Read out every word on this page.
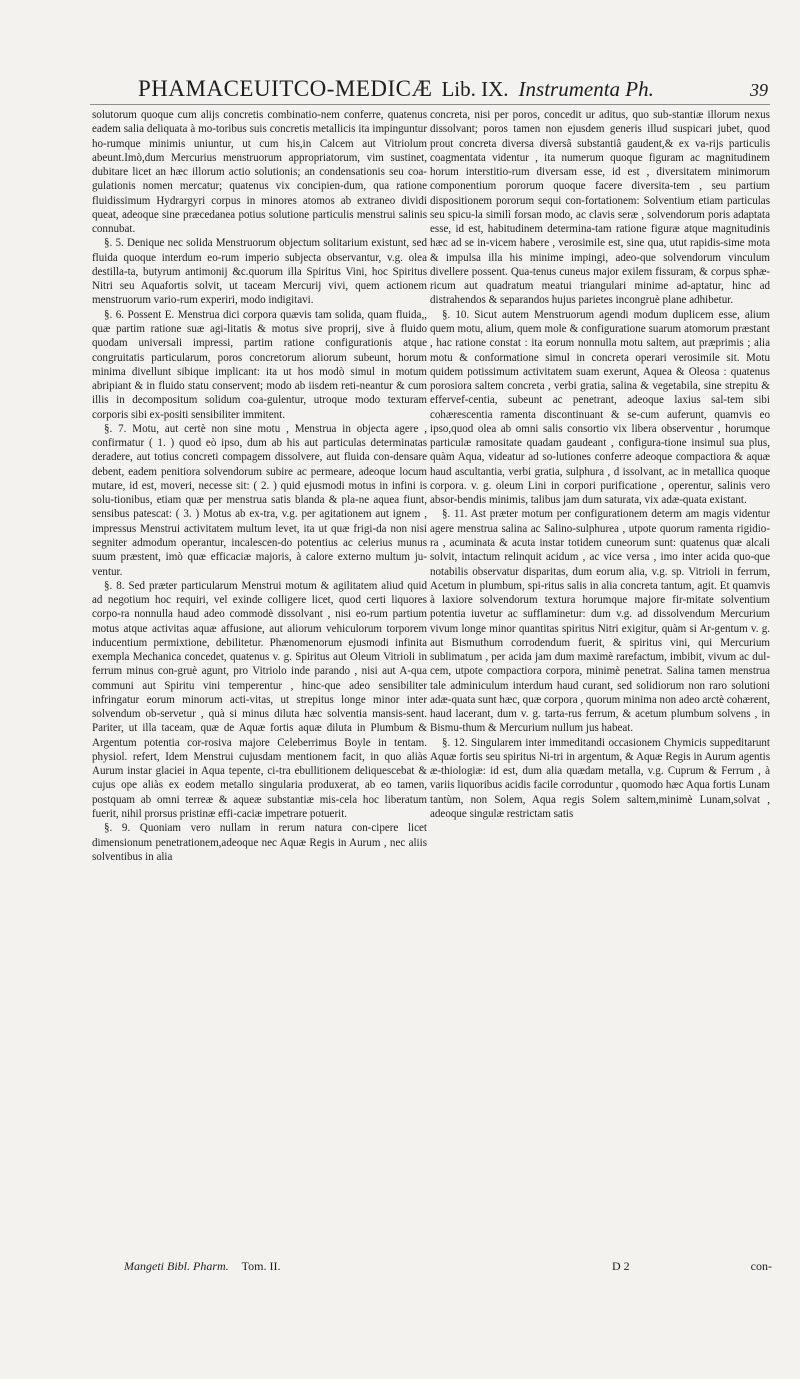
PHAMACEUITCO-MEDICÆ Lib. IX. Instrumenta Ph.	39

solutorum quoque cum alijs concretis combinatio-nem conferre, quatenus eadem salia deliquata à mo-toribus suis concretis metallicis ita impinguntur ho-rumque minimis uniuntur, ut cum his,in Calcem aut Vitriolum abeunt.Imò,dum Mercurius menstruorum appropriatorum, vim sustinet, dubitare licet an hæc illorum actio solutionis; an condensationis seu coa-gulationis nomen mercatur; quatenus vix concipien-dum, qua ratione fluidissimum Hydrargyri corpus in minores atomos ab extraneo dividi queat, adeoque sine præcedanea potius solutione particulis menstrui salinis connubat.

§. 5. Denique nec solida Menstruorum objectum solitarium existunt, sed fluida quoque interdum eo-rum imperio subjecta observantur, v.g. olea destilla-ta, butyrum antimonij &c.quorum illa Spiritus Vini, hoc Spiritus Nitri seu Aquafortis solvit, ut taceam Mercurij vivi, quem actionem menstruorum vario-rum experiri, modo indigitavi.

§. 6. Possent E. Menstrua dici corpora quævis tam solida, quam fluida,, quæ partim ratione suæ agi-litatis & motus sive proprij, sive à fluido quodam universali impressi, partim ratione configurationis atque congruitatis particularum, poros concretorum aliorum subeunt, horum minima divellunt sibique implicant: ita ut hos modò simul in motum abripiant & in fluido statu conservent; modo ab iisdem reti-neantur & cum illis in decompositum solidum coa-gulentur, utroque modo texturam corporis sibi ex-positi sensibiliter immitent.

§. 7. Motu, aut certè non sine motu , Menstrua in objecta agere , confirmatur ( 1. ) quod eò ipso, dum ab his aut particulas determinatas deradere, aut totius concreti compagem dissolvere, aut fluida con-densare debent, eadem penitiora solvendorum subire ac permeare, adeoque locum mutare, id est, moveri, necesse sit: ( 2. ) quid ejusmodi motus in infini is solu-tionibus, etiam quæ per menstrua satis blanda & pla-ne aquea fiunt, sensibus patescat: ( 3. ) Motus ab ex-tra, v.g. per agitationem aut ignem , impressus Menstrui activitatem multum levet, ita ut quæ frigi-da non nisi segniter admodum operantur, incalescen-do potentius ac celerius munus suum præstent, imò quæ efficaciæ majoris, à calore externo multum ju-ventur.

§. 8. Sed præter particularum Menstrui motum & agilitatem aliud quid ad negotium hoc requiri, vel exinde colligere licet, quod certi liquores corpo-ra nonnulla haud adeo commodè dissolvant , nisi eo-rum partium motus atque activitas aquæ affusione, aut aliorum vehiculorum torporem inducentium permixtione, debilitetur. Phænomenorum ejusmodi infinita exempla Mechanica concedet, quatenus v. g. Spiritus aut Oleum Vitrioli in ferrum minus con-gruè agunt, pro Vitriolo inde parando , nisi aut A-qua communi aut Spiritu vini temperentur , hinc-que adeo sensibiliter infringatur eorum minorum acti-vitas, ut strepitus longe minor inter solvendum ob-servetur , quà si minus diluta hæc solventia mansis-sent. Pariter, ut illa taceam, quæ de Aquæ fortis aquæ diluta in Plumbum & Argentum potentia cor-rosiva majore Celeberrimus Boyle in tentam. physiol. refert, Idem Menstrui cujusdam mentionem facit, in quo aliàs Aurum instar glaciei in Aqua tepente, ci-tra ebullitionem deliquescebat & cujus ope aliàs ex eodem metallo singularia produxerat, ab eo tamen, postquam ab omni terreæ & aqueæ substantiæ mis-cela hoc liberatum fuerit, nihil prorsus pristinæ effi-caciæ impetrare potuerit.

§. 9. Quoniam vero nullam in rerum natura con-cipere licet dimensionum penetrationem,adeoque nec Aquæ Regis in Aurum , nec aliis solventibus in alia

concreta, nisi per poros, concedit ur aditus, quo sub-stantiæ illorum nexus dissolvant; poros tamen non ejusdem generis illud suspicari jubet, quod prout concreta diversa diversâ substantiâ gaudent,& ex va-rijs particulis coagmentata videntur , ita numerum quoque figuram ac magnitudinem horum interstitio-rum diversam esse, id est , diversitatem minimorum componentium pororum quoque facere diversita-tem , seu partium dispositionem pororum sequi con-fortationem: Solventium etiam particulas seu spicu-la similì forsan modo, ac clavis seræ , solvendorum poris adaptata esse, id est, habitudinem determina-tam ratione figuræ atque magnitudinis hæc ad se in-vicem habere , verosimile est, sine qua, utut rapidis-sime mota & impulsa illa his minime impingi, adeo-que solvendorum vinculum divellere possent. Qua-tenus cuneus major exilem fissuram, & corpus sphæ-ricum aut quadratum meatui triangulari minime ad-aptatur, hinc ad distrahendos & separandos hujus parietes incongruè plane adhibetur.

§. 10. Sicut autem Menstruorum agendi modum duplicem esse, alium quem motu, alium, quem mole & configuratione suarum atomorum præstant , hac ratione constat : ita eorum nonnulla motu saltem, aut præprimis ; alia motu & conformatione simul in concreta operari verosimile sit. Motu quidem potissimum activitatem suam exerunt, Aquea & Oleosa : quatenus porosiora saltem concreta , verbi gratia, salina & vegetabila, sine strepitu & effervef-centia, subeunt ac penetrant, adeoque laxius sal-tem sibi cohærescentia ramenta discontinuant & se-cum auferunt, quamvis eo ipso,quod olea ab omni salis consortio vix libera observentur , horumque particulæ ramositate quadam gaudeant , configura-tione insimul sua plus, quàm Aqua, videatur ad so-lutiones conferre adeoque compactiora & aquæ haud ascultantia, verbi gratia, sulphura , d issolvant, ac in metallica quoque corpora. v. g. oleum Lini in corpori purificatione , operentur, salinis vero absor-bendis minimis, talibus jam dum saturata, vix adæ-quata existant.

§. 11. Ast præter motum per configurationem determ am magis videntur agere menstrua salina ac Salino-sulphurea , utpote quorum ramenta rigidio-ra , acuminata & acuta instar totidem cuneorum sunt: quatenus quæ alcali solvit, intactum relinquit acidum , ac vice versa , imo inter acida quo-que notabilis observatur disparitas, dum eorum alia, v.g. sp. Vitrioli in ferrum, Acetum in plumbum, spi-ritus salis in alia concreta tantum, agit. Et quamvis à laxiore solvendorum textura horumque majore fir-mitate solventium potentia iuvetur ac sufflaminetur: dum v.g. ad dissolvendum Mercurium vivum longe minor quantitas spiritus Nitri exigitur, quàm si Ar-gentum v. g. aut Bismuthum corrodendum fuerit, & spiritus vini, qui Mercurium sublimatum , per acida jam dum maximè rarefactum, imbibit, vivum ac dul-cem, utpote compactiora corpora, minimè penetrat. Salina tamen menstrua tale adminiculum interdum haud curant, sed solidiorum non raro solutioni adæ-quata sunt hæc, quæ corpora , quorum minima non adeo arctè cohærent, haud lacerant, dum v. g. tarta-rus ferrum, & acetum plumbum solvens , in Bismu-thum & Mercurium nullum jus habeat.

§. 12. Singularem inter immeditandi occasionem Chymicis suppeditarunt Aquæ fortis seu spiritus Ni-tri in argentum, & Aquæ Regis in Aurum agentis æ-thiologiæ: id est, dum alia quædam metalla, v.g. Cuprum & Ferrum , à variis liquoribus acidis facile corroduntur , quomodo hæc Aqua fortis Lunam tantùm, non Solem, Aqua regis Solem saltem,minimè Lunam,solvat , adeoque singulæ restrictam satis

Mangeti Bibl. Pharm. Tom. II.	D 2	con-
